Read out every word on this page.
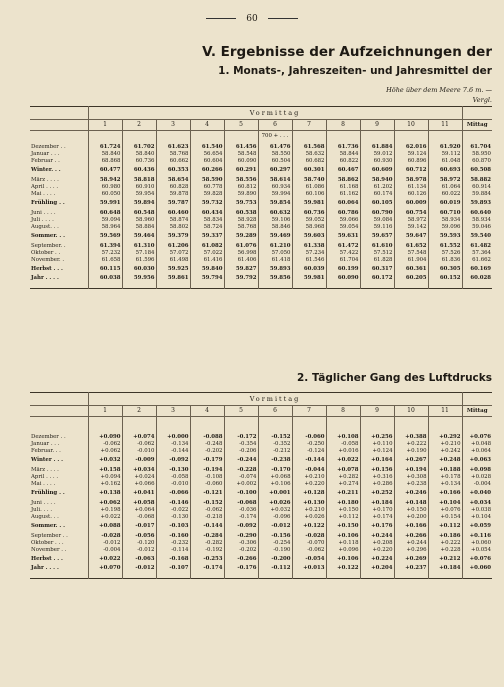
60
V. Ergebnisse der Aufzeichnungen der
1. Monats-, Jahreszeiten- und Jahresmittel der
Höhe über dem Meere 7.6 m. —
Vergl.
	Vormittag											
	1	2	3	4	5	6	7	8	9	10	11	Mittag
						700 + . . .						

Dezember . .	61.724	61.702	61.623	61.540	61.456	61.476	61.568	61.736	61.884	62.016	61.920	61.704

Januar . . .	58.840	58.840	58.768	56.654	58.548	58.550	58.632	58.844	59.012	59.124	59.112	58.950

Februar . .	68.868	60.736	60.662	60.604	60.090	60.504	60.682	60.822	60.930	60.896	61.048	60.870

Winter. . .	60.477	60.436	60.353	60.266	60.291	60.297	60.301	60.467	60.609	60.712	60.693	60.508

März . . . .	58.942	58.818	58.654	58.590	58.556	58.614	58.740	58.862	58.940	58.978	58.972	58.882

April . . . .	60.980	60.910	60.828	60.778	60.812	60.934	61.086	61.168	61.202	61.134	61.064	60.914

Mai . . . .	60.050	59.954	59.878	59.828	59.890	59.994	60.106	61.162	60.174	60.126	60.022	59.884

Frühling . .	59.991	59.894	59.787	59.732	59.753	59.854	59.981	60.064	60.105	60.009	60.019	59.893

Juni . . . .	60.648	60.548	60.460	60.434	60.538	60.632	60.736	60.786	60.790	60.754	60.710	60.640

Juli . . . .	59.094	58.960	58.874	58.834	58.928	59.106	59.052	59.066	59.084	58.972	58.934	58.934

August. . .	58.964	58.884	58.802	58.724	58.768	58.846	58.968	59.054	59.116	59.142	59.096	59.046

Sommer. . .	59.569	59.464	59.379	59.337	59.289	59.469	59.603	59.631	59.657	59.647	59.593	59.540

September. .	61.394	61.310	61.206	61.082	61.076	61.210	61.338	61.472	61.610	61.652	61.552	61.482

Oktober . .	57.232	57.184	57.072	57.022	56.998	57.050	57.234	57.422	57.512	57.548	57.526	57.364

November. .	61.658	61.596	61.498	61.416	61.406	61.418	61.546	61.704	61.828	61.904	61.836	61.662

Herbst . . .	60.115	60.030	59.925	59.840	59.827	59.893	60.039	60.199	60.317	60.361	60.305	60.169

Jahr . . . .	60.038	59.956	59.861	59.794	59.792	59.856	59.981	60.090	60.172	60.205	60.152	60.028

2. Täglicher Gang des Luftdrucks
	Vormittag											
	1	2	3	4	5	6	7	8	9	10	11	Mittag

Dezember . .	+0.090	+0.074	+0.000	-0.088	-0.172	-0.152	-0.060	+0.108	+0.256	+0.388	+0.292	+0.076

Januar . . .	-0.062	-0.062	-0.134	-0.248	-0.354	-0.352	-0.250	-0.058	+0.110	+0.222	+0.210	+0.048

Februar. . .	+0.062	-0.010	-0.144	-0.202	-0.206	-0.212	-0.124	+0.016	+0.124	+0.190	+0.242	+0.064

Winter . . .	+0.032	-0.009	-0.092	-0.179	-0.244	-0.238	-0.144	+0.022	+0.164	+0.267	+0.248	+0.063

März . . . .	+0.158	+0.034	-0.130	-0.194	-0.228	-0.170	-0.044	+0.078	+0.156	+0.194	+0.188	+0.098

April . . . .	+0.094	+0.024	-0.058	-0.108	-0.074	+0.068	+0.210	+0.282	+0.316	+0.308	+0.178	+0.028

Mai . . . .	+0.162	+0.066	-0.010	-0.060	+0.002	+0.106	+0.220	+0.274	+0.286	+0.238	+0.134	-0.004

Frühling . .	+0.138	+0.041	-0.066	-0.121	-0.100	+0.001	+0.128	+0.211	+0.252	+0.246	+0.166	+0.040

Juni . . . .	+0.062	+0.058	-0.146	-0.152	-0.068	+0.026	+0.130	+0.180	+0.184	+0.148	+0.104	+0.034

Juli. . . .	+0.198	+0.064	-0.022	-0.062	-0.036	+0.032	+0.210	+0.150	+0.170	+0.150	+0.076	+0.038

August. . .	+0.022	-0.068	-0.130	-0.218	-0.174	-0.096	+0.026	+0.112	+0.174	+0.200	+0.154	+0.104

Sommer. . .	+0.088	-0.017	-0.103	-0.144	-0.092	-0.012	+0.122	+0.150	+0.176	+0.166	+0.112	+0.059

September . .	-0.028	-0.056	-0.160	-0.284	-0.290	-0.156	-0.028	+0.106	+0.244	+0.266	+0.186	+0.116

Oktober . . .	-0.012	-0.120	-0.232	-0.282	-0.306	-0.254	-0.070	+0.118	+0.208	+0.244	+0.222	+0.060

November . .	-0.004	-0.012	-0.114	-0.192	-0.202	-0.190	-0.062	+0.096	+0.220	+0.296	+0.228	+0.054

Herbst . . .	+0.022	-0.063	-0.168	-0.253	-0.266	-0.200	-0.054	+0.106	+0.224	+0.269	+0.212	+0.076

Jahr . . . .	+0.070	-0.012	-0.107	-0.174	-0.176	-0.112	+0.013	+0.122	+0.204	+0.237	+0.184	+0.060
